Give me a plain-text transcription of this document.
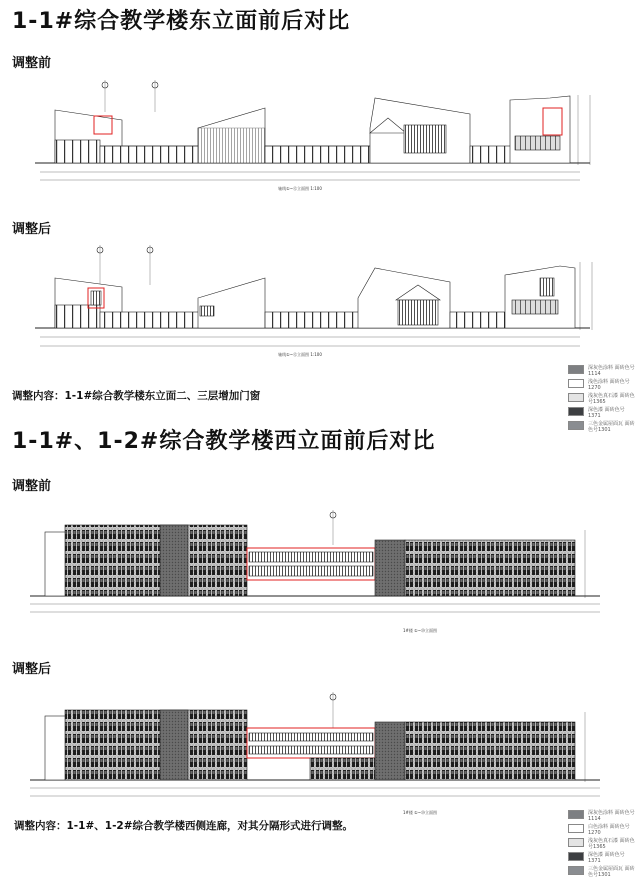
1-1#综合教学楼东立面前后对比
调整前
调整后
调整内容：1-1#综合教学楼东立面二、三层增加门窗
1-1#、1-2#综合教学楼西立面前后对比
调整前
调整后
调整内容：1-1#、1-2#综合教学楼西侧连廊，对其分隔形式进行调整。
轴线①~⑫立面图 1:100
轴线①~⑫立面图 1:100
1#楼 ①~⑳立面图
1#楼 ①~⑳立面图
深灰色涂料 面砖色号1114
浅色涂料 面砖色号1270
浅灰色真石漆 面砖色号1365
深色漆 面砖色号1371
三色金属屋面瓦 面砖色号1301
深灰色涂料 面砖色号1114
白色涂料 面砖色号1270
浅灰色真石漆 面砖色号1365
深色漆 面砖色号1371
三色金属屋面瓦 面砖色号1301
